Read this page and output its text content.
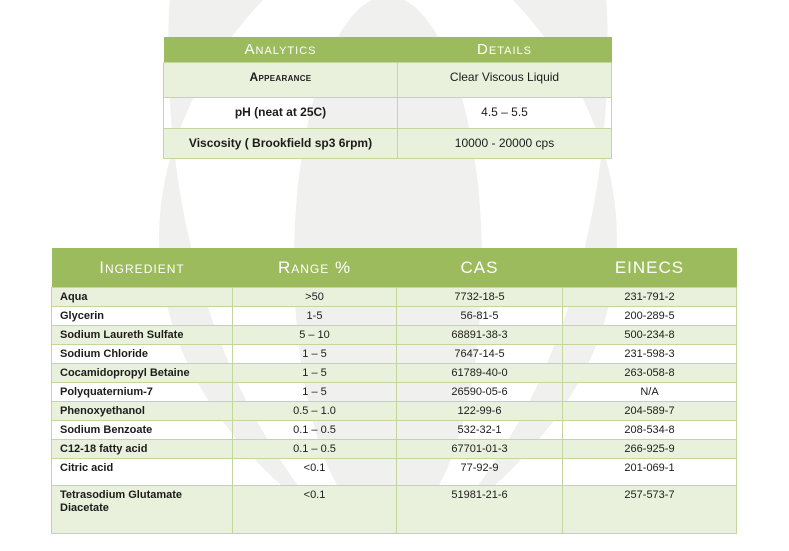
Analytics	Details
Appearance	Clear Viscous Liquid
pH (neat at 25C)	4.5 – 5.5
Viscosity ( Brookfield sp3 6rpm)	10000 - 20000 cps
Ingredient	Range %	CAS	EINECS
Aqua	>50	7732-18-5	231-791-2
Glycerin	1-5	56-81-5	200-289-5
Sodium Laureth Sulfate	5 – 10	68891-38-3	500-234-8
Sodium Chloride	1 – 5	7647-14-5	231-598-3
Cocamidopropyl Betaine	1 – 5	61789-40-0	263-058-8
Polyquaternium-7	1 – 5	26590-05-6	N/A
Phenoxyethanol	0.5 – 1.0	122-99-6	204-589-7
Sodium Benzoate	0.1 – 0.5	532-32-1	208-534-8
C12-18 fatty acid	0.1 – 0.5	67701-01-3	266-925-9
Citric acid	<0.1	77-92-9	201-069-1
Tetrasodium Glutamate Diacetate	<0.1	51981-21-6	257-573-7
